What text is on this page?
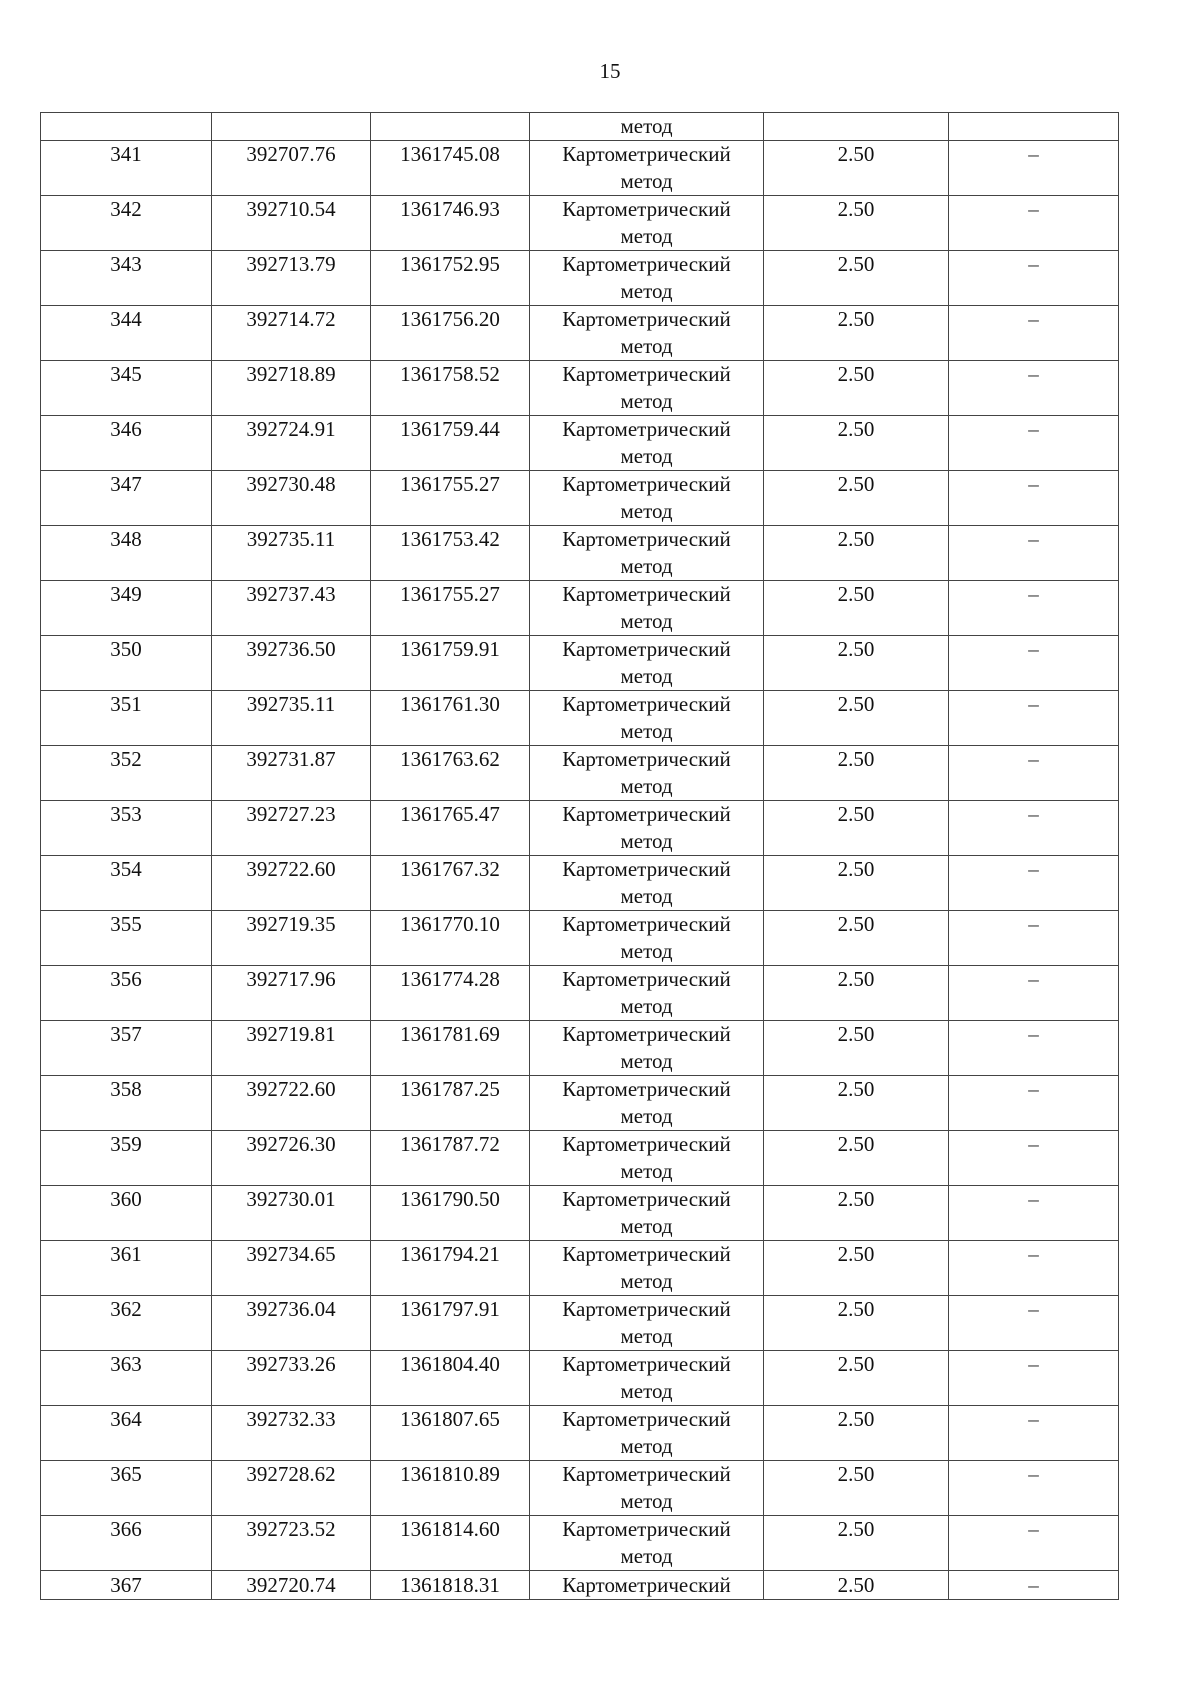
15
			метод		
341	392707.76	1361745.08	Картометрический
метод	2.50	–
342	392710.54	1361746.93	Картометрический
метод	2.50	–
343	392713.79	1361752.95	Картометрический
метод	2.50	–
344	392714.72	1361756.20	Картометрический
метод	2.50	–
345	392718.89	1361758.52	Картометрический
метод	2.50	–
346	392724.91	1361759.44	Картометрический
метод	2.50	–
347	392730.48	1361755.27	Картометрический
метод	2.50	–
348	392735.11	1361753.42	Картометрический
метод	2.50	–
349	392737.43	1361755.27	Картометрический
метод	2.50	–
350	392736.50	1361759.91	Картометрический
метод	2.50	–
351	392735.11	1361761.30	Картометрический
метод	2.50	–
352	392731.87	1361763.62	Картометрический
метод	2.50	–
353	392727.23	1361765.47	Картометрический
метод	2.50	–
354	392722.60	1361767.32	Картометрический
метод	2.50	–
355	392719.35	1361770.10	Картометрический
метод	2.50	–
356	392717.96	1361774.28	Картометрический
метод	2.50	–
357	392719.81	1361781.69	Картометрический
метод	2.50	–
358	392722.60	1361787.25	Картометрический
метод	2.50	–
359	392726.30	1361787.72	Картометрический
метод	2.50	–
360	392730.01	1361790.50	Картометрический
метод	2.50	–
361	392734.65	1361794.21	Картометрический
метод	2.50	–
362	392736.04	1361797.91	Картометрический
метод	2.50	–
363	392733.26	1361804.40	Картометрический
метод	2.50	–
364	392732.33	1361807.65	Картометрический
метод	2.50	–
365	392728.62	1361810.89	Картометрический
метод	2.50	–
366	392723.52	1361814.60	Картометрический
метод	2.50	–
367	392720.74	1361818.31	Картометрический	2.50	–
